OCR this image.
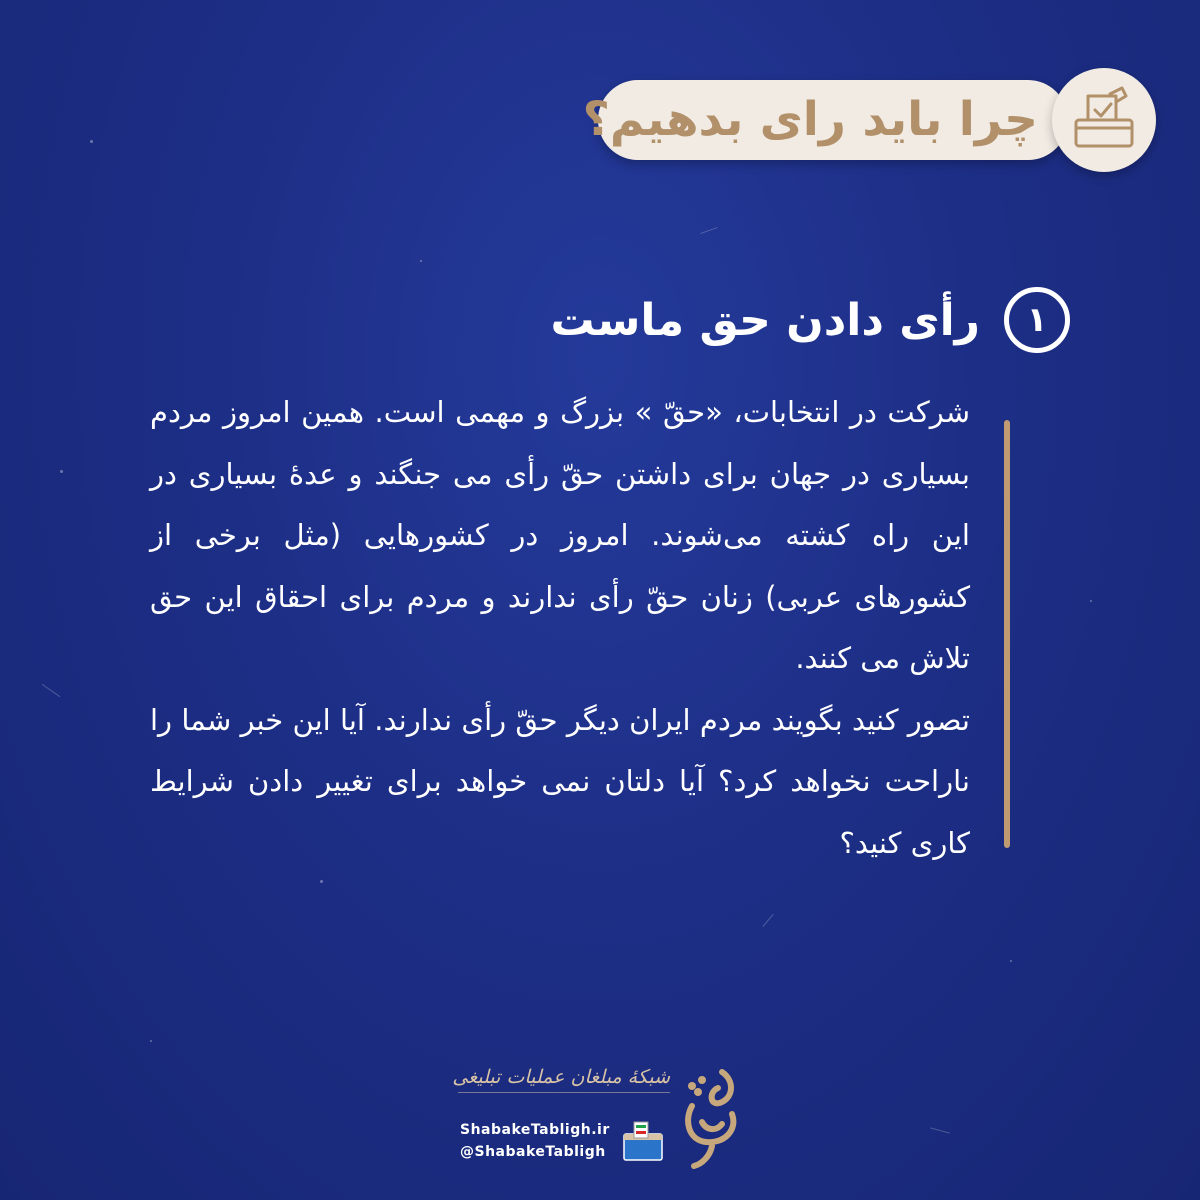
چرا باید رای بدهیم؟
۱
رأی دادن حق ماست

شرکت در انتخابات، «حقّ » بزرگ و مهمی است. همین امروز مردم بسیاری در جهان برای داشتن حقّ رأی می جنگند و عدهٔ بسیاری در این راه کشته می‌شوند. امروز در کشورهایی (مثل برخی از کشورهای عربی) زنان حقّ رأی ندارند و مردم برای احقاق این حق تلاش می کنند.

تصور کنید بگویند مردم ایران دیگر حقّ رأی ندارند. آیا این خبر شما را ناراحت نخواهد کرد؟ آیا دلتان نمی خواهد برای تغییر دادن شرایط کاری کنید؟

شبکهٔ مبلغان عملیات تبلیغی
ShabakeTabligh.ir
@ShabakeTabligh
